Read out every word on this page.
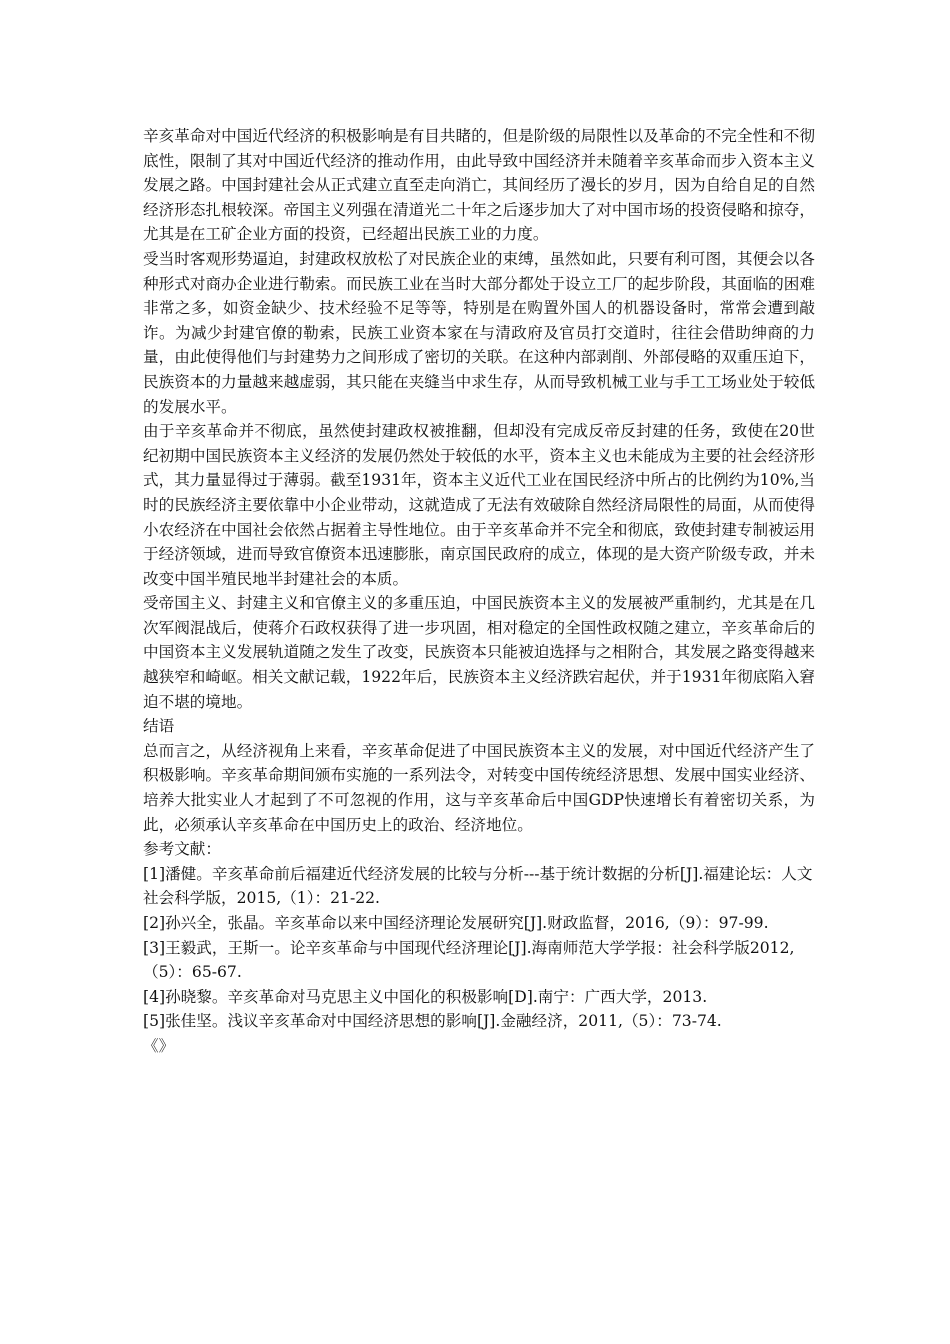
辛亥革命对中国近代经济的积极影响是有目共睹的，但是阶级的局限性以及革命的不完全性和不彻底性，限制了其对中国近代经济的推动作用，由此导致中国经济并未随着辛亥革命而步入资本主义发展之路。中国封建社会从正式建立直至走向消亡，其间经历了漫长的岁月，因为自给自足的自然经济形态扎根较深。帝国主义列强在清道光二十年之后逐步加大了对中国市场的投资侵略和掠夺，尤其是在工矿企业方面的投资，已经超出民族工业的力度。

受当时客观形势逼迫，封建政权放松了对民族企业的束缚，虽然如此，只要有利可图，其便会以各种形式对商办企业进行勒索。而民族工业在当时大部分都处于设立工厂的起步阶段，其面临的困难非常之多，如资金缺少、技术经验不足等等，特别是在购置外国人的机器设备时，常常会遭到敲诈。为减少封建官僚的勒索，民族工业资本家在与清政府及官员打交道时，往往会借助绅商的力量，由此使得他们与封建势力之间形成了密切的关联。在这种内部剥削、外部侵略的双重压迫下，民族资本的力量越来越虚弱，其只能在夹缝当中求生存，从而导致机械工业与手工工场业处于较低的发展水平。

由于辛亥革命并不彻底，虽然使封建政权被推翻，但却没有完成反帝反封建的任务，致使在20世纪初期中国民族资本主义经济的发展仍然处于较低的水平，资本主义也未能成为主要的社会经济形式，其力量显得过于薄弱。截至1931年，资本主义近代工业在国民经济中所占的比例约为10%,当时的民族经济主要依靠中小企业带动，这就造成了无法有效破除自然经济局限性的局面，从而使得小农经济在中国社会依然占据着主导性地位。由于辛亥革命并不完全和彻底，致使封建专制被运用于经济领域，进而导致官僚资本迅速膨胀，南京国民政府的成立，体现的是大资产阶级专政，并未改变中国半殖民地半封建社会的本质。

受帝国主义、封建主义和官僚主义的多重压迫，中国民族资本主义的发展被严重制约，尤其是在几次军阀混战后，使蒋介石政权获得了进一步巩固，相对稳定的全国性政权随之建立，辛亥革命后的中国资本主义发展轨道随之发生了改变，民族资本只能被迫选择与之相附合，其发展之路变得越来越狭窄和崎岖。相关文献记载，1922年后，民族资本主义经济跌宕起伏，并于1931年彻底陷入窘迫不堪的境地。

结语

总而言之，从经济视角上来看，辛亥革命促进了中国民族资本主义的发展，对中国近代经济产生了积极影响。辛亥革命期间颁布实施的一系列法令，对转变中国传统经济思想、发展中国实业经济、培养大批实业人才起到了不可忽视的作用，这与辛亥革命后中国GDP快速增长有着密切关系，为此，必须承认辛亥革命在中国历史上的政治、经济地位。

参考文献：

[1]潘健。辛亥革命前后福建近代经济发展的比较与分析---基于统计数据的分析[J].福建论坛：人文社会科学版，2015,（1）：21-22.

[2]孙兴全，张晶。辛亥革命以来中国经济理论发展研究[J].财政监督，2016,（9）：97-99.

[3]王毅武，王斯一。论辛亥革命与中国现代经济理论[J].海南师范大学学报：社会科学版2012,（5）：65-67.

[4]孙晓黎。辛亥革命对马克思主义中国化的积极影响[D].南宁：广西大学，2013.

[5]张佳坚。浅议辛亥革命对中国经济思想的影响[J].金融经济，2011,（5）：73-74.

《》
